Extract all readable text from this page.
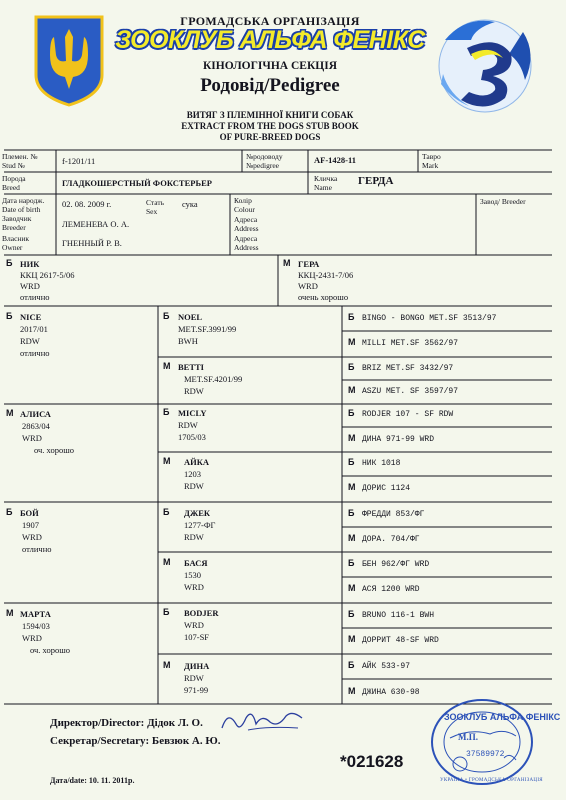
ГРОМАДСЬКА ОРГАНІЗАЦІЯ
ЗООКЛУБ АЛЬФА ФЕНІКС
КІНОЛОГІЧНА СЕКЦІЯ
Родовід/Pedigree
ВИТЯГ З ПЛЕМІННОЇ КНИГИ СОБАК
EXTRACT FROM THE DOGS STUB BOOK
OF PURE-BREED DOGS
Племен. №
Stud №	f-1201/11	№родоводу
№pedigree
AF-1428-11	Тавро
Mark
Порода
Breed	ГЛАДКОШЕРСТНЫЙ ФОКСТЕРЬЕР	Кличка
Name
ГЕРДА
Дата народж.
Date of birth
02. 08. 2009 г.	Стать
Sex
сука	Колір
Colour
Завод/ Breeder
Заводчик
Breeder	ЛЕМЕНЕВА О. А.	Адреса
Address
Власник
Owner	ГНЕННЫЙ Р. В.	Адреса
Address
Б НИК
ККЦ 2617-5/06
WRD
отлично
М ГЕРА
ККЦ-2431-7/06
WRD
очень хорошо
Б NICE
2017/01
RDW
отлично
М АЛИСА
2863/04
WRD
оч. хорошо
Б БОЙ
1907
WRD
отлично
М МАРТА
1594/03
WRD
оч. хорошо
Б NOEL
MET.SF.3991/99
BWH
М BETTI
MET.SF.4201/99
RDW
Б MICLY
RDW
1705/03
М АЙКА
1203
RDW
Б ДЖЕК
1277-ФГ
RDW
М БАСЯ
1530
WRD
Б BODJER
WRD
107-SF
М ДИНА
RDW
971-99
Б BINGO - BONGO MET.SF 3513/97
М MILLI MET.SF 3562/97
Б BRIZ MET.SF 3432/97
М ASZU MET. SF 3597/97
Б RODJER 107 - SF RDW
М ДИНА 971-99 WRD
Б НИК 1018
М ДОРИС 1124
Б ФРЕДДИ 853/ФГ
М ДОРА. 704/ФГ
Б БЕН 962/ФГ WRD
М АСЯ 1200 WRD
Б BRUNO 116-1 BWH
М ДОРРИТ 48-SF WRD
Б АЙК 533-97
М ДЖИНА 630-98
Директор/Director: Дідок Л. О.
Секретар/Secretary: Бевзюк А. Ю.
Дата/date: 10. 11. 2011р.
*021628
ЗООКЛУБ АЛЬФА ФЕНІКС
М.П.
37589972
УКРАЇНА • ГРОМАДСЬКА ОРГАНІЗАЦІЯ
